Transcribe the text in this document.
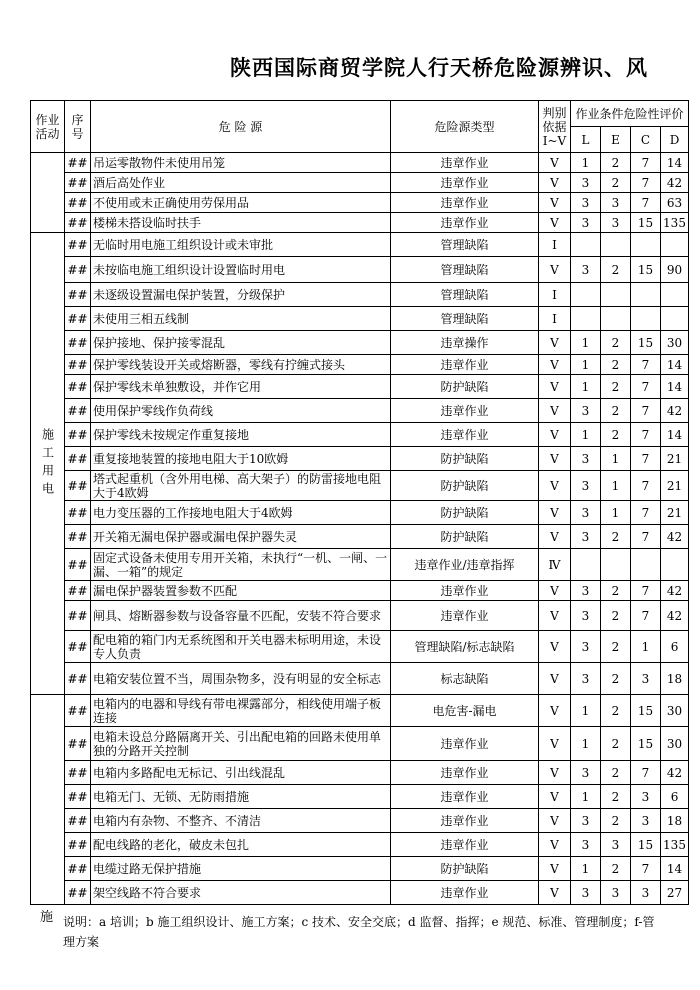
陕西国际商贸学院人行天桥危险源辨识、风
作业活动	序号	危 险 源	危险源类型	判别依据I~V	作业条件危险性评价			
					L	E	C	D
	##	吊运零散物件未使用吊笼	违章作业	V	1	2	7	14
	##	酒后高处作业	违章作业	V	3	2	7	42
	##	不使用或未正确使用劳保用品	违章作业	V	3	3	7	63
	##	楼梯未搭设临时扶手	违章作业	V	3	3	15	135
施工用电	##	无临时用电施工组织设计或未审批	管理缺陷	Ⅰ				
	##	未按临电施工组织设计设置临时用电	管理缺陷	V	3	2	15	90
	##	未逐级设置漏电保护装置，分级保护	管理缺陷	Ⅰ				
	##	未使用三相五线制	管理缺陷	Ⅰ				
	##	保护接地、保护接零混乱	违章操作	V	1	2	15	30
	##	保护零线装设开关或熔断器，零线有拧缠式接头	违章作业	V	1	2	7	14
	##	保护零线未单独敷设，并作它用	防护缺陷	V	1	2	7	14
	##	使用保护零线作负荷线	违章作业	V	3	2	7	42
	##	保护零线未按规定作重复接地	违章作业	V	1	2	7	14
	##	重复接地装置的接地电阻大于10欧姆	防护缺陷	V	3	1	7	21
	##	塔式起重机（含外用电梯、高大架子）的防雷接地电阻大于4欧姆	防护缺陷	V	3	1	7	21
	##	电力变压器的工作接地电阻大于4欧姆	防护缺陷	V	3	1	7	21
	##	开关箱无漏电保护器或漏电保护器失灵	防护缺陷	V	3	2	7	42
	##	固定式设备未使用专用开关箱，未执行“一机、一闸、一漏、一箱”的规定	违章作业/违章指挥	Ⅳ				
	##	漏电保护器装置参数不匹配	违章作业	V	3	2	7	42
	##	闸具、熔断器参数与设备容量不匹配，安装不符合要求	违章作业	V	3	2	7	42
	##	配电箱的箱门内无系统图和开关电器未标明用途，未设专人负责	管理缺陷/标志缺陷	V	3	2	1	6
	##	电箱安装位置不当，周围杂物多，没有明显的安全标志	标志缺陷	V	3	2	3	18
	##	电箱内的电器和导线有带电裸露部分，相线使用端子板连接	电危害-漏电	V	1	2	15	30
	##	电箱未设总分路隔离开关、引出配电箱的回路未使用单独的分路开关控制	违章作业	V	1	2	15	30
	##	电箱内多路配电无标记、引出线混乱	违章作业	V	3	2	7	42
	##	电箱无门、无锁、无防雨措施	违章作业	V	1	2	3	6
	##	电箱内有杂物、不整齐、不清洁	违章作业	V	3	2	3	18
	##	配电线路的老化，破皮未包扎	违章作业	V	3	3	15	135
	##	电缆过路无保护措施	防护缺陷	V	1	2	7	14
	##	架空线路不符合要求	违章作业	V	3	3	3	27
施 说明：a 培训；b 施工组织设计、施工方案；c 技术、安全交底；d 监督、指挥；e 规范、标准、管理制度；f-管理方案
